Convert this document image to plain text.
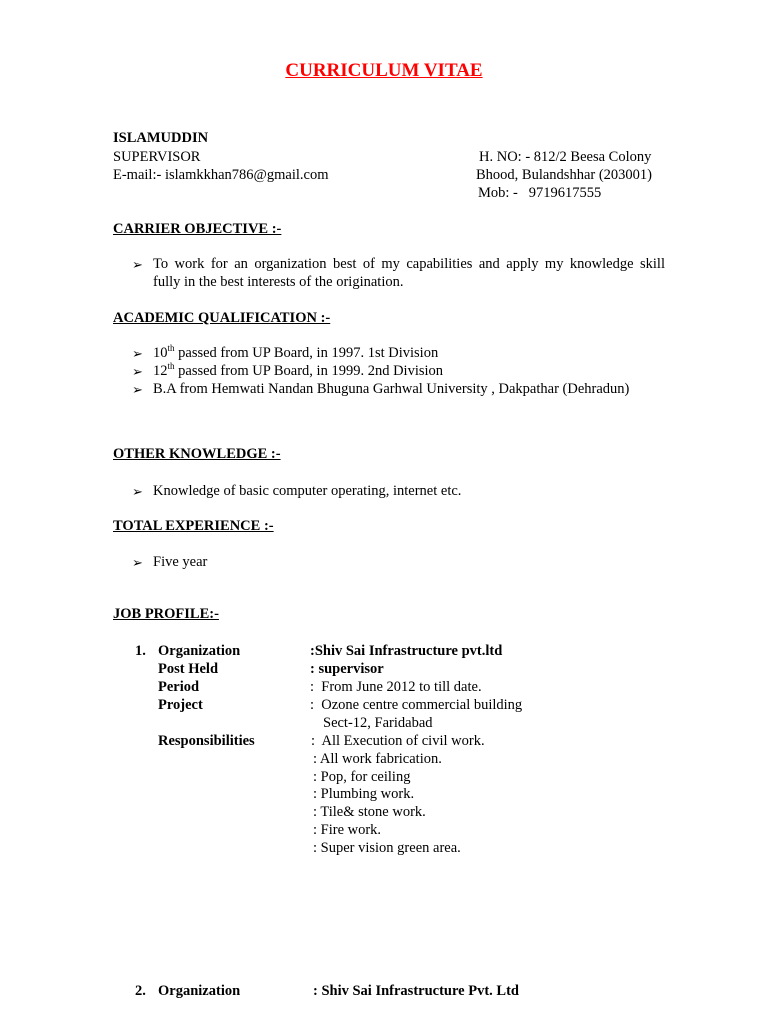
CURRICULUM VITAE
ISLAMUDDIN
SUPERVISOR
E-mail:- islamkkhan786@gmail.com
H. NO: - 812/2 Beesa Colony
Bhood, Bulandshhar (203001)
Mob: -   9719617555
CARRIER OBJECTIVE :-
➢ To work for an organization best of my capabilities and apply my knowledge skill
fully in the best interests of the origination.
ACADEMIC QUALIFICATION :-
➢ 10th passed from UP Board, in 1997. 1st Division
➢ 12th passed from UP Board, in 1999. 2nd Division
➢ B.A from Hemwati Nandan Bhuguna Garhwal University , Dakpathar (Dehradun)
OTHER KNOWLEDGE :-
➢ Knowledge of basic computer operating, internet etc.
TOTAL EXPERIENCE :-
➢ Five year
JOB PROFILE:-
1. Organization	:Shiv Sai Infrastructure pvt.ltd
Post Held	: supervisor
Period	:  From June 2012 to till date.
Project	:  Ozone centre commercial building
Sect-12, Faridabad
Responsibilities	:  All Execution of civil work.
: All work fabrication.
: Pop, for ceiling
: Plumbing work.
: Tile& stone work.
: Fire work.
: Super vision green area.
2. Organization	: Shiv Sai Infrastructure Pvt. Ltd
